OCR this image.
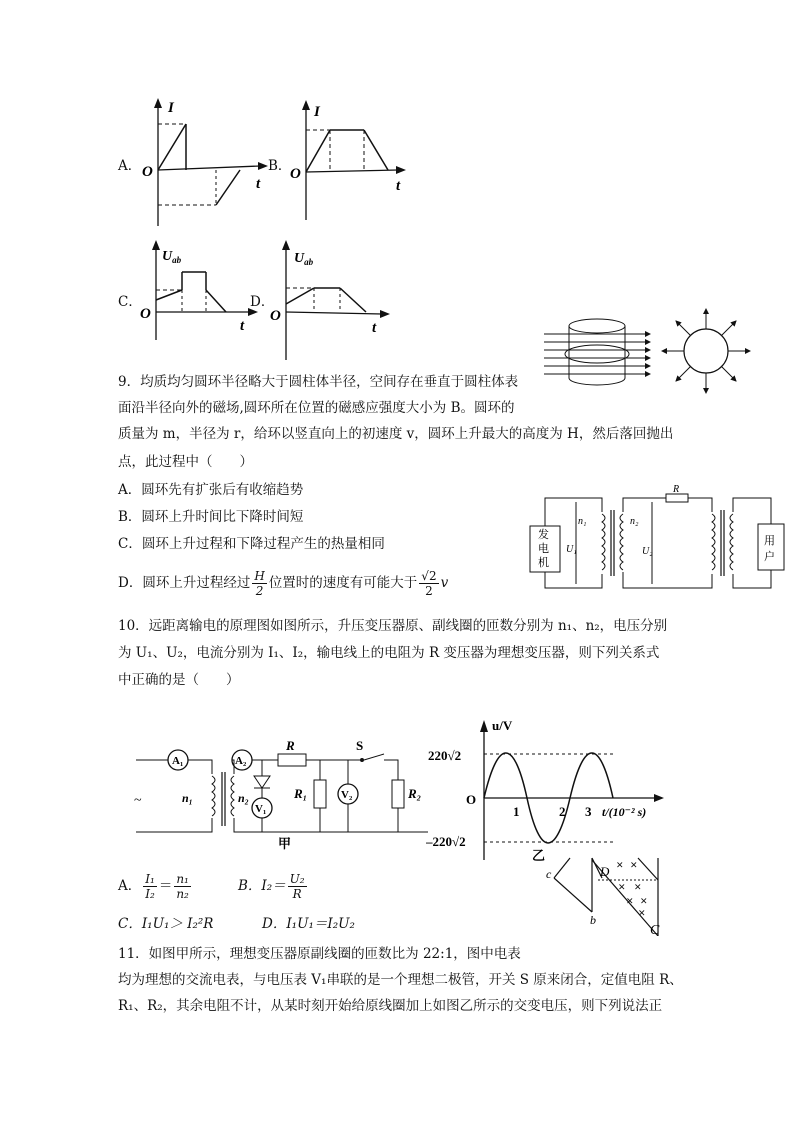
A．
I
O
t
B．
I
O
t
C．
$U_{ab}$
O
t
D．
$U_{ab}$
O
t
9．均质均匀圆环半径略大于圆柱体半径，空间存在垂直于圆柱体表
面沿半径向外的磁场,圆环所在位置的磁感应强度大小为 B。圆环的
质量为 m，半径为 r，给环以竖直向上的初速度 v，圆环上升最大的高度为 H，然后落回抛出
点，此过程中（　　）
A．圆环先有扩张后有收缩趋势
B．圆环上升时间比下降时间短
C．圆环上升过程和下降过程产生的热量相同
D．圆环上升过程经过 $\frac{H}{2}$ 位置时的速度有可能大于 $\frac{√2}{2}$ v
发
电
机
用
户
n₁	n₂
U₁	U₂
R
10．远距离输电的原理图如图所示，升压变压器原、副线圈的匝数分别为 n₁、n₂，电压分别
为 U₁、U₂，电流分别为 I₁、I₂，输电线上的电阻为 R 变压器为理想变压器，则下列关系式
中正确的是（　　）
A₁
~	n₁	n₂
A₂
R	S
R₂
V₁
R₁	V₂
甲
u/V
220√2
–220√2
O
1	2 3 t/(10⁻² s)
乙
✕ ✕
✕ ✕
✕ ✕
✕
c
b
D
C
A． $\frac{\text{I₁}}{\text{I₂}} = \frac{\text{n₁}}{\text{n₂}}$	B．$I_2= \frac{\text{U₂}}{R}$
C．I₁U₁＞ I₂²R	D．I₁U₁＝I₂U₂
11．如图甲所示，理想变压器原副线圈的匝数比为 22:1，图中电表
均为理想的交流电表，与电压表 V₁串联的是一个理想二极管，开关 S 原来闭合，定值电阻 R、
R₁、R₂，其余电阻不计，从某时刻开始给原线圈加上如图乙所示的交变电压，则下列说法正
